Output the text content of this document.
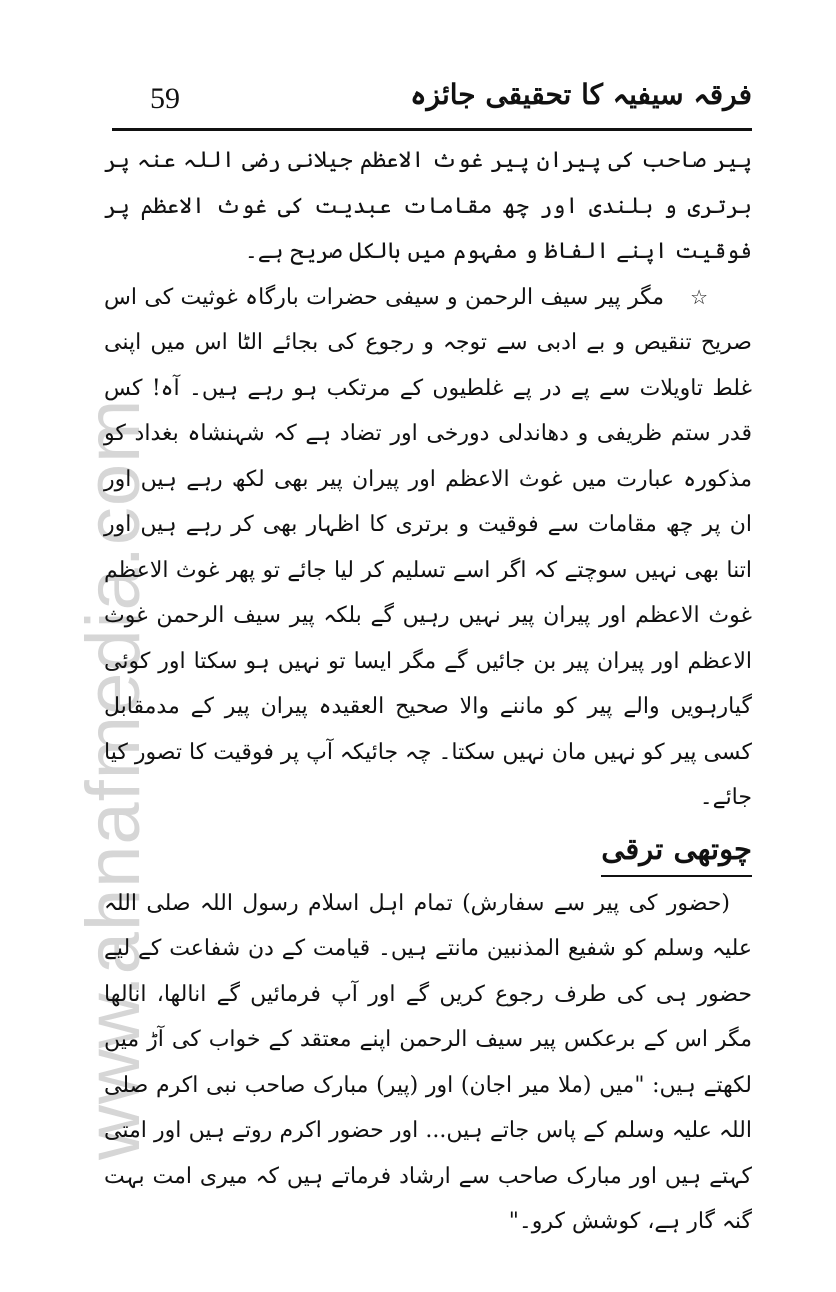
59	فرقہ سیفیہ کا تحقیقی جائزہ
www.ahnafmedia.com

پیر صاحب کی پیران پیر غوث الاعظم جیلانی رضی اللہ عنہ پر برتری و بلندی اور چھ مقامات عبدیت کی غوث الاعظم پر فوقیت اپنے الفاظ و مفہوم میں بالکل صریح ہے۔

☆مگر پیر سیف الرحمن و سیفی حضرات بارگاہ غوثیت کی اس صریح تنقیص و بے ادبی سے توجہ و رجوع کی بجائے الٹا اس میں اپنی غلط تاویلات سے پے در پے غلطیوں کے مرتکب ہو رہے ہیں۔ آہ! کس قدر ستم ظریفی و دھاندلی دورخی اور تضاد ہے کہ شہنشاہ بغداد کو مذکورہ عبارت میں غوث الاعظم اور پیران پیر بھی لکھ رہے ہیں اور ان پر چھ مقامات سے فوقیت و برتری کا اظہار بھی کر رہے ہیں اور اتنا بھی نہیں سوچتے کہ اگر اسے تسلیم کر لیا جائے تو پھر غوث الاعظم غوث الاعظم اور پیران پیر نہیں رہیں گے بلکہ پیر سیف الرحمن غوث الاعظم اور پیران پیر بن جائیں گے مگر ایسا تو نہیں ہو سکتا اور کوئی گیارہویں والے پیر کو ماننے والا صحیح العقیدہ پیران پیر کے مدمقابل کسی پیر کو نہیں مان نہیں سکتا۔ چہ جائیکہ آپ پر فوقیت کا تصور کیا جائے۔

چوتھی ترقی

(حضور کی پیر سے سفارش) تمام اہل اسلام رسول اللہ صلی اللہ علیہ وسلم کو شفیع المذنبین مانتے ہیں۔ قیامت کے دن شفاعت کے لیے حضور ہی کی طرف رجوع کریں گے اور آپ فرمائیں گے انالھا، انالھا مگر اس کے برعکس پیر سیف الرحمن اپنے معتقد کے خواب کی آڑ میں لکھتے ہیں: "میں (ملا میر اجان) اور (پیر) مبارک صاحب نبی اکرم صلی اللہ علیہ وسلم کے پاس جاتے ہیں... اور حضور اکرم روتے ہیں اور امتی کہتے ہیں اور مبارک صاحب سے ارشاد فرماتے ہیں کہ میری امت بہت گنہ گار ہے، کوشش کرو۔"
